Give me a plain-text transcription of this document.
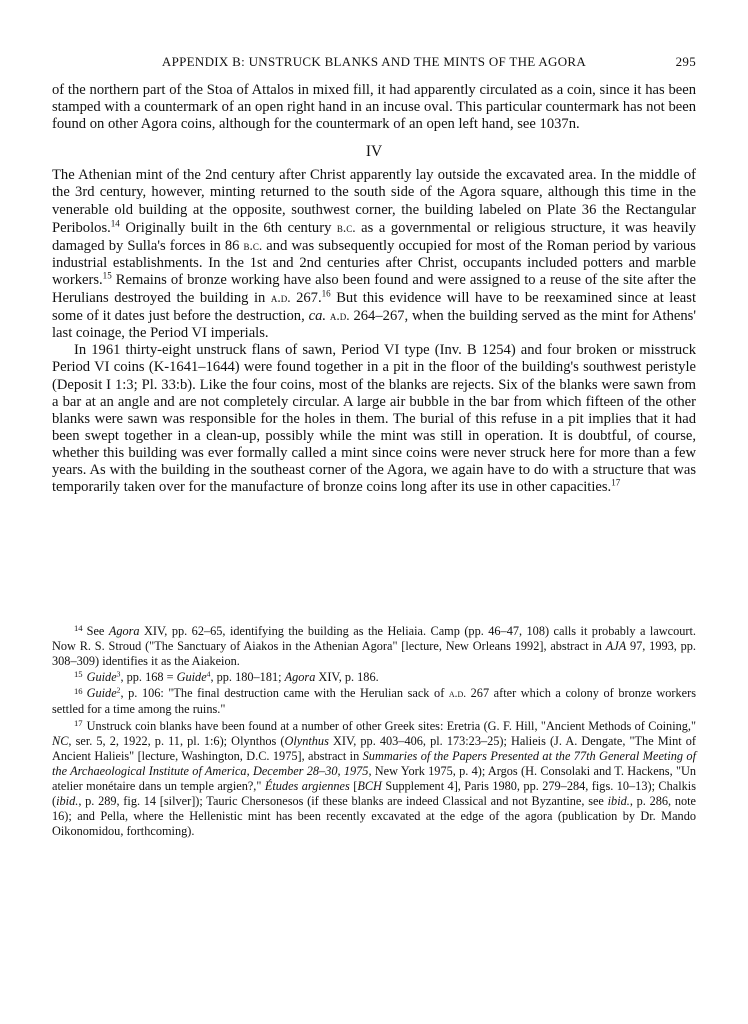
APPENDIX B: UNSTRUCK BLANKS AND THE MINTS OF THE AGORA	295

of the northern part of the Stoa of Attalos in mixed fill, it had apparently circulated as a coin, since it has been stamped with a countermark of an open right hand in an incuse oval. This particular countermark has not been found on other Agora coins, although for the countermark of an open left hand, see 1037n.

IV

The Athenian mint of the 2nd century after Christ apparently lay outside the excavated area. In the middle of the 3rd century, however, minting returned to the south side of the Agora square, although this time in the venerable old building at the opposite, southwest corner, the building labeled on Plate 36 the Rectangular Peribolos.$^{14}$ Originally built in the 6th century b.c. as a governmental or religious structure, it was heavily damaged by Sulla's forces in 86 b.c. and was subsequently occupied for most of the Roman period by various industrial establishments. In the 1st and 2nd centuries after Christ, occupants included potters and marble workers.$^{15}$ Remains of bronze working have also been found and were assigned to a reuse of the site after the Herulians destroyed the building in a.d. 267.16 But this evidence will have to be reexamined since at least some of it dates just before the destruction, ca. a.d. 264–267, when the building served as the mint for Athens' last coinage, the Period VI imperials.

In 1961 thirty-eight unstruck flans of sawn, Period VI type (Inv. B 1254) and four broken or misstruck Period VI coins (K-1641–1644) were found together in a pit in the floor of the building's southwest peristyle (Deposit I 1:3; Pl. 33:b). Like the four coins, most of the blanks are rejects. Six of the blanks were sawn from a bar at an angle and are not completely circular. A large air bubble in the bar from which fifteen of the other blanks were sawn was responsible for the holes in them. The burial of this refuse in a pit implies that it had been swept together in a clean-up, possibly while the mint was still in operation. It is doubtful, of course, whether this building was ever formally called a mint since coins were never struck here for more than a few years. As with the building in the southeast corner of the Agora, we again have to do with a structure that was temporarily taken over for the manufacture of bronze coins long after its use in other capacities.$^{17}$

$^{14}$ See Agora XIV, pp. 62–65, identifying the building as the Heliaia. Camp (pp. 46–47, 108) calls it probably a lawcourt. Now R. S. Stroud ("The Sanctuary of Aiakos in the Athenian Agora" [lecture, New Orleans 1992], abstract in AJA 97, 1993, pp. 308–309) identifies it as the Aiakeion.

$^{15}$ Guide$^3$, pp. 168 = Guide$^4$, pp. 180–181; Agora XIV, p. 186.

$^{16}$ Guide$^2$, p. 106: "The final destruction came with the Herulian sack of a.d. 267 after which a colony of bronze workers settled for a time among the ruins."

$^{17}$ Unstruck coin blanks have been found at a number of other Greek sites: Eretria (G. F. Hill, "Ancient Methods of Coining," NC, ser. 5, 2, 1922, p. 11, pl. 1:6); Olynthos (Olynthus XIV, pp. 403–406, pl. 173:23–25); Halieis (J. A. Dengate, "The Mint of Ancient Halieis" [lecture, Washington, D.C. 1975], abstract in Summaries of the Papers Presented at the 77th General Meeting of the Archaeological Institute of America, December 28–30, 1975, New York 1975, p. 4); Argos (H. Consolaki and T. Hackens, "Un atelier monétaire dans un temple argien?," Études argiennes [BCH Supplement 4], Paris 1980, pp. 279–284, figs. 10–13); Chalkis (ibid., p. 289, fig. 14 [silver]); Tauric Chersonesos (if these blanks are indeed Classical and not Byzantine, see ibid., p. 286, note 16); and Pella, where the Hellenistic mint has been recently excavated at the edge of the agora (publication by Dr. Mando Oikonomidou, forthcoming).
